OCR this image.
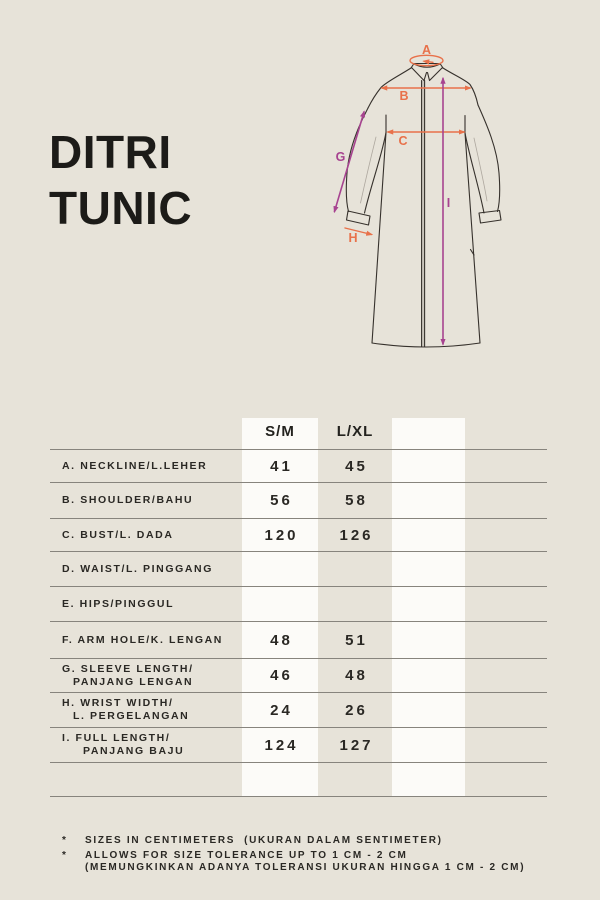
DITRI
TUNIC
A
B
C
G
H
I
S/M	L/XL
A. NECKLINE/L.LEHER	41	45
B. SHOULDER/BAHU	56	58
C. BUST/L. DADA	120	126
D. WAIST/L. PINGGANG
E. HIPS/PINGGUL
F. ARM HOLE/K. LENGAN	48	51
G. SLEEVE LENGTH/
PANJANG LENGAN	46	48
H. WRIST WIDTH/
L. PERGELANGAN	24	26
I. FULL LENGTH/
PANJANG BAJU	124	127
*	SIZES IN CENTIMETERS  (UKURAN DALAM SENTIMETER)
*	ALLOWS FOR SIZE TOLERANCE UP TO 1 CM - 2 CM
(MEMUNGKINKAN ADANYA TOLERANSI UKURAN HINGGA 1 CM - 2 CM)
